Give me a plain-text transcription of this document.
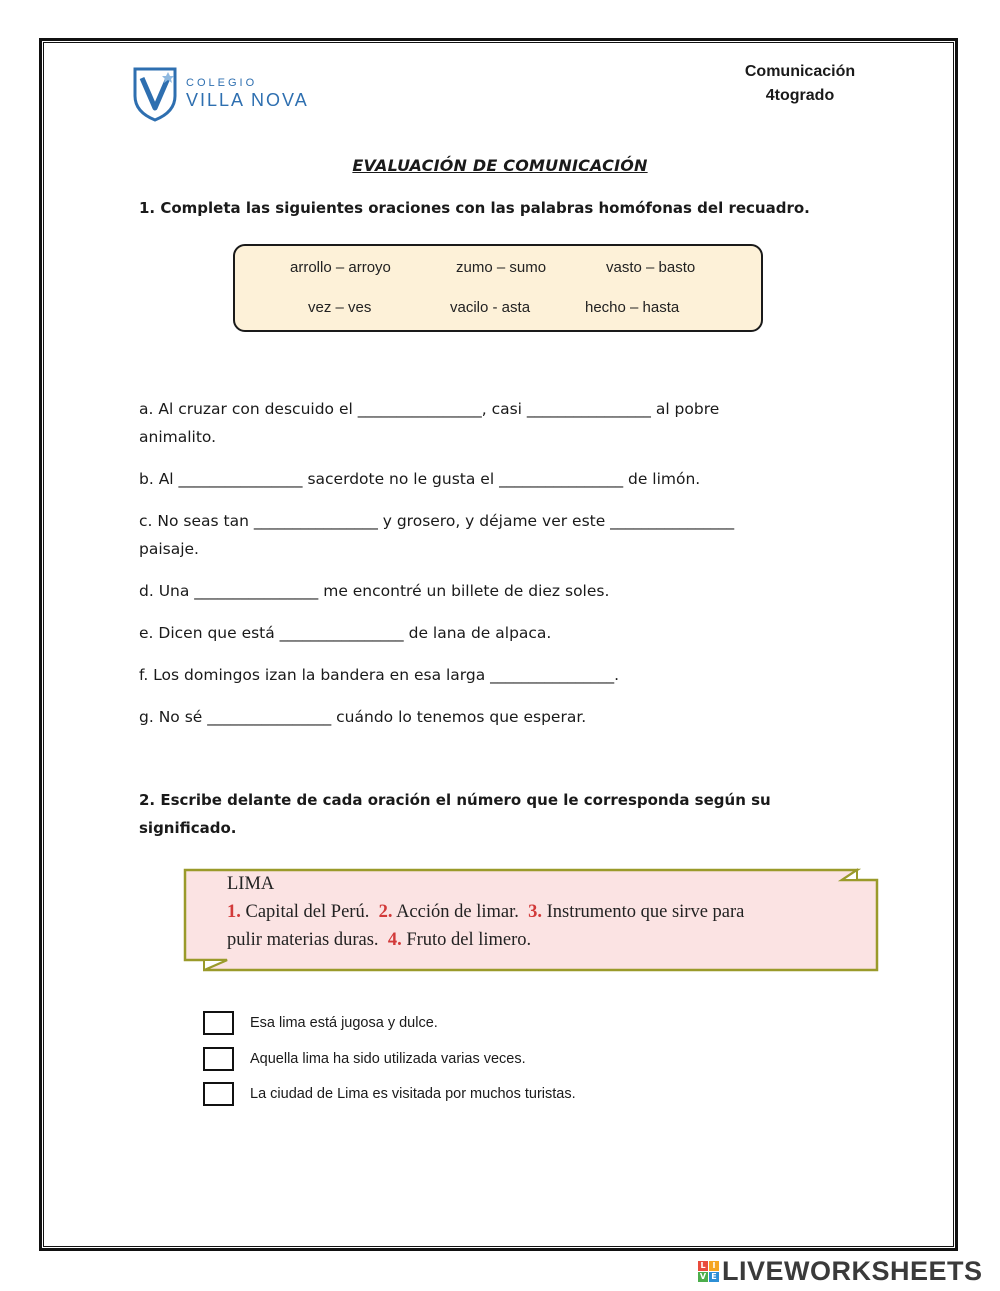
COLEGIO
VILLA NOVA
Comunicación
4togrado
EVALUACIÓN DE COMUNICACIÓN
1. Completa las siguientes oraciones con las palabras homófonas del recuadro.
arrollo – arroyo	zumo – sumo	vasto – basto
vez – ves	vacilo - asta	hecho – hasta
a. Al cruzar con descuido el ________________, casi ________________ al pobre
animalito.
b. Al ________________ sacerdote no le gusta el ________________ de limón.
c. No seas tan ________________ y grosero, y déjame ver este ________________
paisaje.
d. Una ________________ me encontré un billete de diez soles.
e. Dicen que está ________________ de lana de alpaca.
f. Los domingos izan la bandera en esa larga ________________.
g. No sé ________________ cuándo lo tenemos que esperar.
2. Escribe delante de cada oración el número que le corresponda según su
significado.
LIMA
1. Capital del Perú. 2. Acción de limar. 3. Instrumento que sirve para
pulir materias duras. 4. Fruto del limero.
Esa lima está jugosa y dulce.
Aquella lima ha sido utilizada varias veces.
La ciudad de Lima es visitada por muchos turistas.
L I
V E LIVEWORKSHEETS
